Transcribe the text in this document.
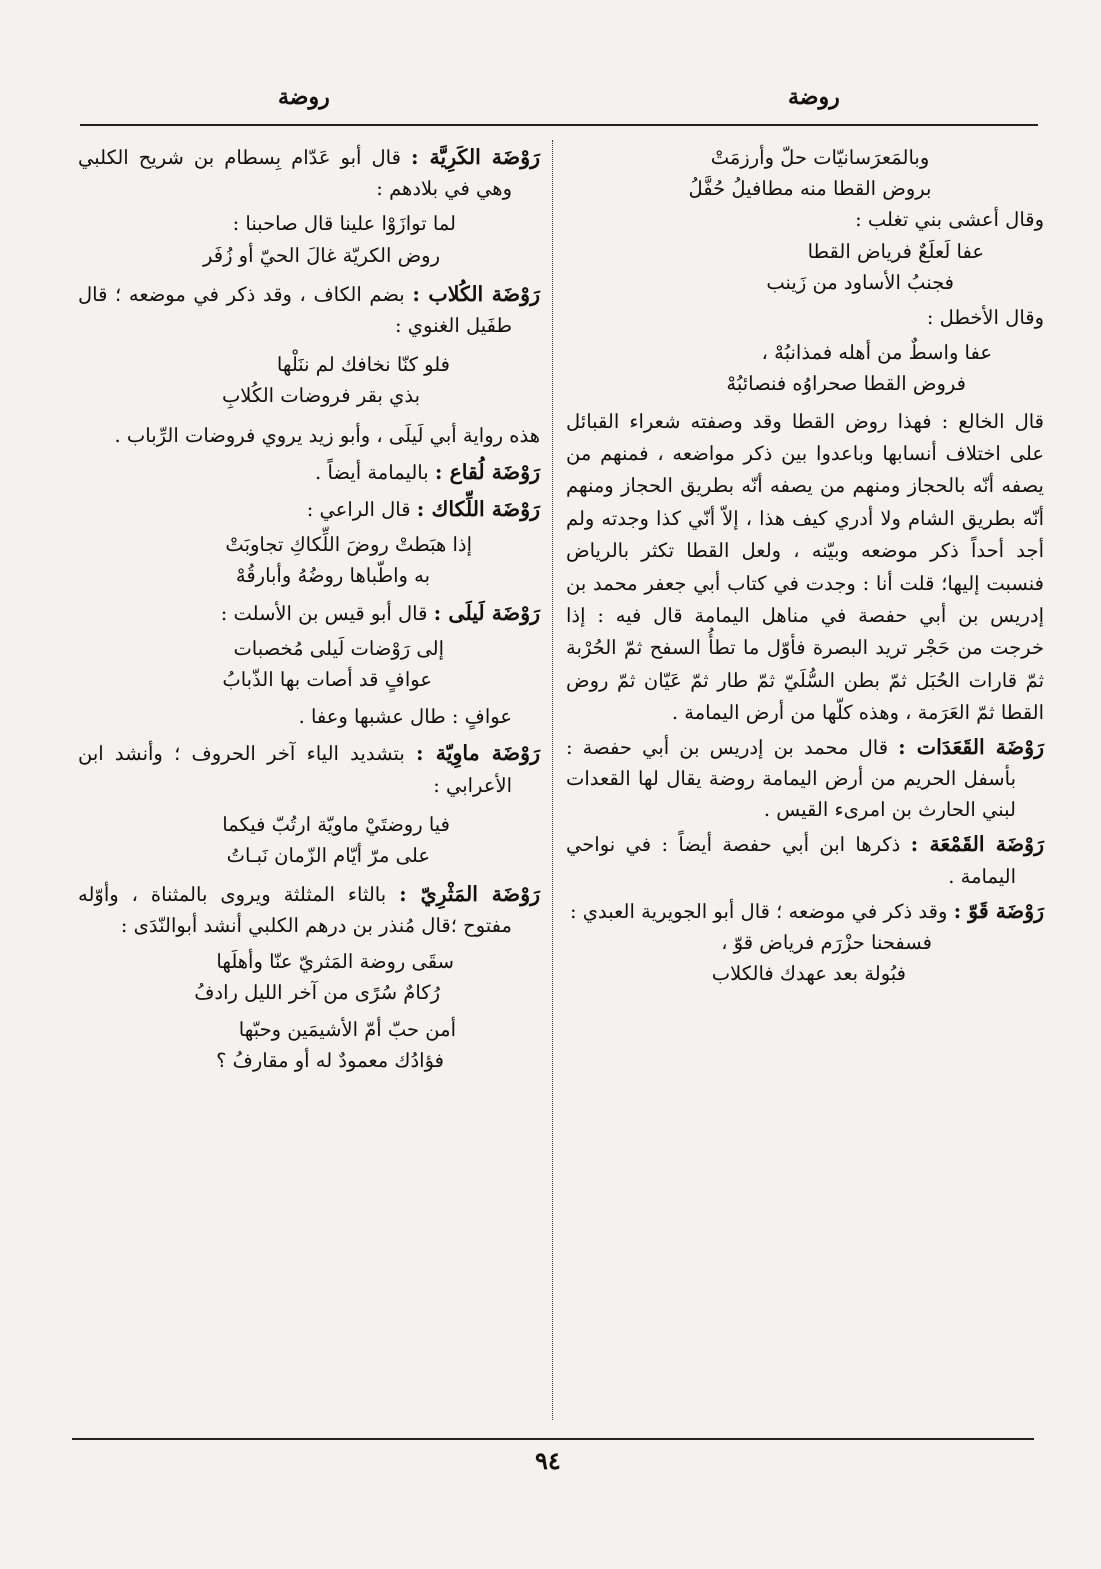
روضة
روضة
وبالمَعرَسانيّات حلّ وأرزمَتْ
بروض القطا منه مطافيلُ حُفَّلُ
وقال أعشى بني تغلب :
عفا لَعلَعٌ فرياض القطا
فجنبُ الأساود من زَينب
وقال الأخطل :
عفا واسطٌ من أهله فمذانبُهْ ،
فروض القطا صحراوُه فنصائبُهْ

قال الخالع : فهذا روض القطا وقد وصفته شعراء القبائل على اختلاف أنسابها وباعدوا بين ذكر مواضعه ، فمنهم من يصفه أنّه بالحجاز ومنهم من يصفه أنّه بطريق الحجاز ومنهم أنّه بطريق الشام ولا أدري كيف هذا ، إلاّ أنّي كذا وجدته ولم أجد أحداً ذكر موضعه وبيّنه ، ولعل القطا تكثر بالرياض فنسبت إليها؛ قلت أنا : وجدت في كتاب أبي جعفر محمد بن إدريس بن أبي حفصة في مناهل اليمامة قال فيه : إذا خرجت من حَجْر تريد البصرة فأوّل ما تطأُ السفح ثمّ الحُرْبة ثمّ قارات الحُبَل ثمّ بطن السُّلَيّ ثمّ طار ثمّ عَيّان ثمّ روض القطا ثمّ العَرَمة ، وهذه كلّها من أرض اليمامة .

رَوْضَة القَعَدَات : قال محمد بن إدريس بن أبي حفصة : بأسفل الحريم من أرض اليمامة روضة يقال لها القعدات لبني الحارث بن امرىء القيس .

رَوْضَة القَمْعَة : ذكرها ابن أبي حفصة أيضاً : في نواحي اليمامة .

رَوْضَة قَوّ : وقد ذكر في موضعه ؛ قال أبو الجويرية العبدي :

فسفحنا حزْرَم فرياض قوّ ،
فبُولة بعد عهدك فالكلاب

رَوْضَة الكَرِيَّة : قال أبو عَدّام بِسطام بن شريح الكلبي وهي في بلادهم :

لما توازَوْا علينا قال صاحبنا :
روض الكريّة غالَ الحيّ أو زُفَر

رَوْضَة الكُلاب : بضم الكاف ، وقد ذكر في موضعه ؛ قال طفَيل الغنوي :

فلو كنّا نخافك لم ننَلْها
بذي بقر فروضات الكُلابِ

هذه رواية أبي لَيلَى ، وأبو زيد يروي فروضات الرِّباب .

رَوْضَة لُقاع : باليمامة أيضاً .

رَوْضَة اللِّكاك : قال الراعي :

إذا هبَطتْ روضَ اللِّكاكِ تجاوبَتْ
به واطّباها روضُهُ وأبارقُهْ

رَوْضَة لَيلَى : قال أبو قيس بن الأسلت :

إلى رَوْضات لَيلى مُخصبات
عوافٍ قد أصات بها الذّبابُ

عوافٍ : طال عشبها وعفا .

رَوْضَة ماوِيّة : بتشديد الياء آخر الحروف ؛ وأنشد ابن الأعرابي :

فيا روضتَيْ ماويّة ارتُبّ فيكما
على مرّ أيّام الزّمان نَبـاتُ

رَوْضَة المَثْرِيّ : بالثاء المثلثة ويروى بالمثناة ، وأوّله مفتوح ؛قال مُنذر بن درهم الكلبي أنشد أبوالنّدَى :

سقَى روضة المَثريّ عنّا وأهلَها
رُكامٌ سُرًى من آخر الليل رادفُ
أمن حبّ أمّ الأشيمَين وحبّها
فؤادُك معمودٌ له أو مقارفُ ؟
٩٤
